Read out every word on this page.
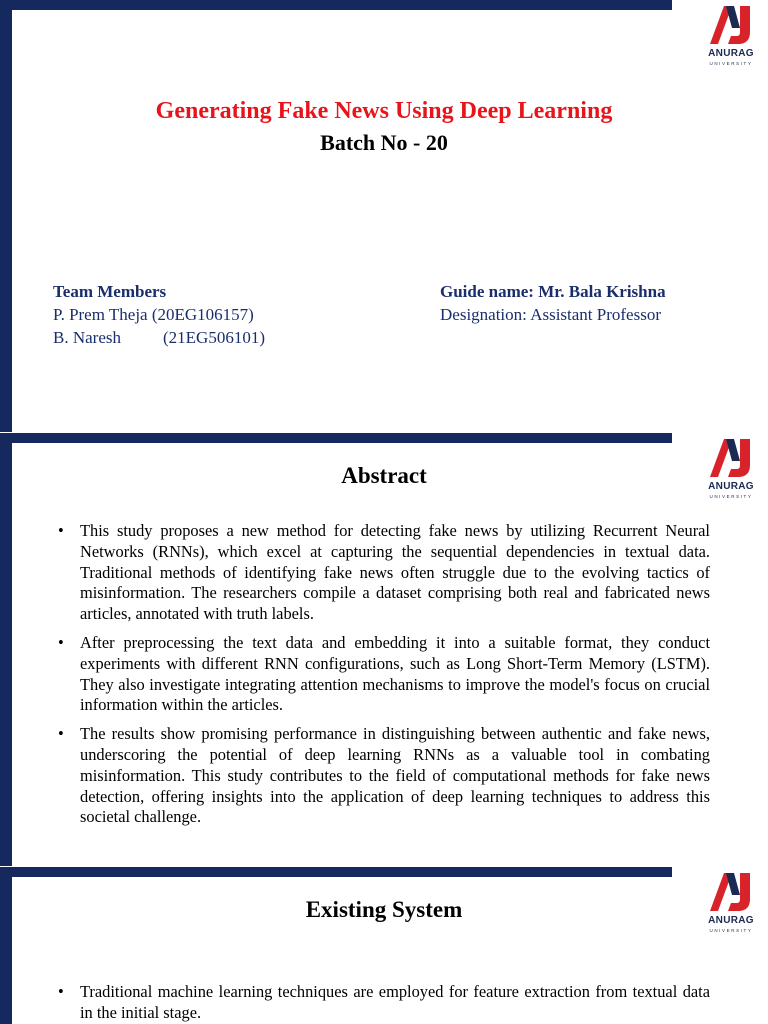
ANURAG
UNIVERSITY
Generating Fake News Using Deep Learning
Batch No - 20
Team Members
P. Prem Theja (20EG106157)
B. Naresh (21EG506101)
Guide name: Mr. Bala Krishna
Designation: Assistant Professor
ANURAG
UNIVERSITY
Abstract
• This study proposes a new method for detecting fake news by utilizing Recurrent Neural Networks (RNNs), which excel at capturing the sequential dependencies in textual data. Traditional methods of identifying fake news often struggle due to the evolving tactics of misinformation. The researchers compile a dataset comprising both real and fabricated news articles, annotated with truth labels.
• After preprocessing the text data and embedding it into a suitable format, they conduct experiments with different RNN configurations, such as Long Short-Term Memory (LSTM). They also investigate integrating attention mechanisms to improve the model's focus on crucial information within the articles.
• The results show promising performance in distinguishing between authentic and fake news, underscoring the potential of deep learning RNNs as a valuable tool in combating misinformation. This study contributes to the field of computational methods for fake news detection, offering insights into the application of deep learning techniques to address this societal challenge.
ANURAG
UNIVERSITY
Existing System
• Traditional machine learning techniques are employed for feature extraction from textual data in the initial stage.
